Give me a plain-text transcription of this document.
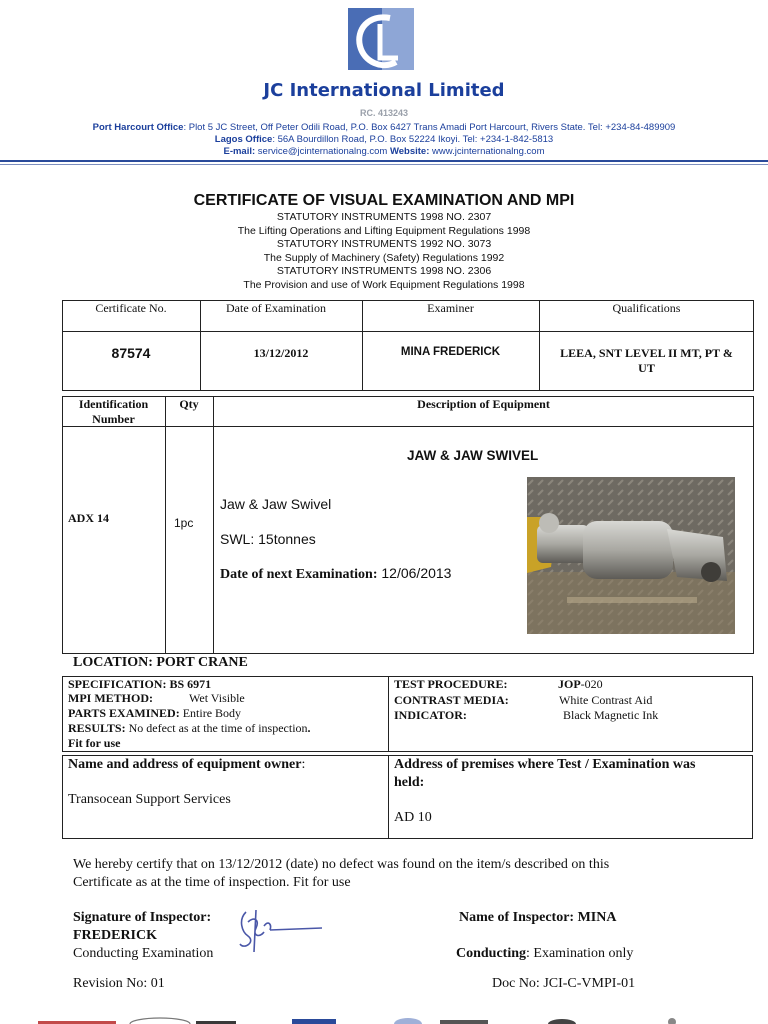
JC International Limited
RC. 413243
Port Harcourt Office: Plot 5 JC Street, Off Peter Odili Road, P.O. Box 6427 Trans Amadi Port Harcourt, Rivers State. Tel: +234-84-489909
Lagos Office: 56A Bourdillon Road, P.O. Box 52224 Ikoyi. Tel: +234-1-842-5813
E-mail: service@jcinternationalng.com Website: www.jcinternationalng.com
CERTIFICATE OF VISUAL EXAMINATION AND MPI
STATUTORY INSTRUMENTS 1998 NO. 2307
The Lifting Operations and Lifting Equipment Regulations 1998
STATUTORY INSTRUMENTS 1992 NO. 3073
The Supply of Machinery (Safety) Regulations 1992
STATUTORY INSTRUMENTS 1998 NO. 2306
The Provision and use of Work Equipment Regulations 1998
Certificate No.	Date of Examination	Examiner	Qualifications
87574	13/12/2012	MINA FREDERICK	LEEA, SNT LEVEL II MT, PT &
UT
Identification
Number
Qty	Description of Equipment
ADX 14	1pc
JAW & JAW SWIVEL
Jaw & Jaw Swivel
SWL: 15tonnes
Date of next Examination: 12/06/2013
LOCATION: PORT CRANE
SPECIFICATION: BS 6971
MPI METHOD:	Wet Visible
PARTS EXAMINED: Entire Body
RESULTS: No defect as at the time of inspection.
Fit for use
TEST PROCEDURE:	JOP-020
CONTRAST MEDIA:	White Contrast Aid
INDICATOR:	Black Magnetic Ink
Name and address of equipment owner:
Transocean Support Services
Address of premises where Test / Examination was
held:
AD 10
We hereby certify that on 13/12/2012 (date) no defect was found on the item/s described on this
Certificate as at the time of inspection. Fit for use
Signature of Inspector:
FREDERICK
Conducting Examination
Name of Inspector: MINA
Conducting: Examination only
Revision No: 01	Doc No: JCI-C-VMPI-01
